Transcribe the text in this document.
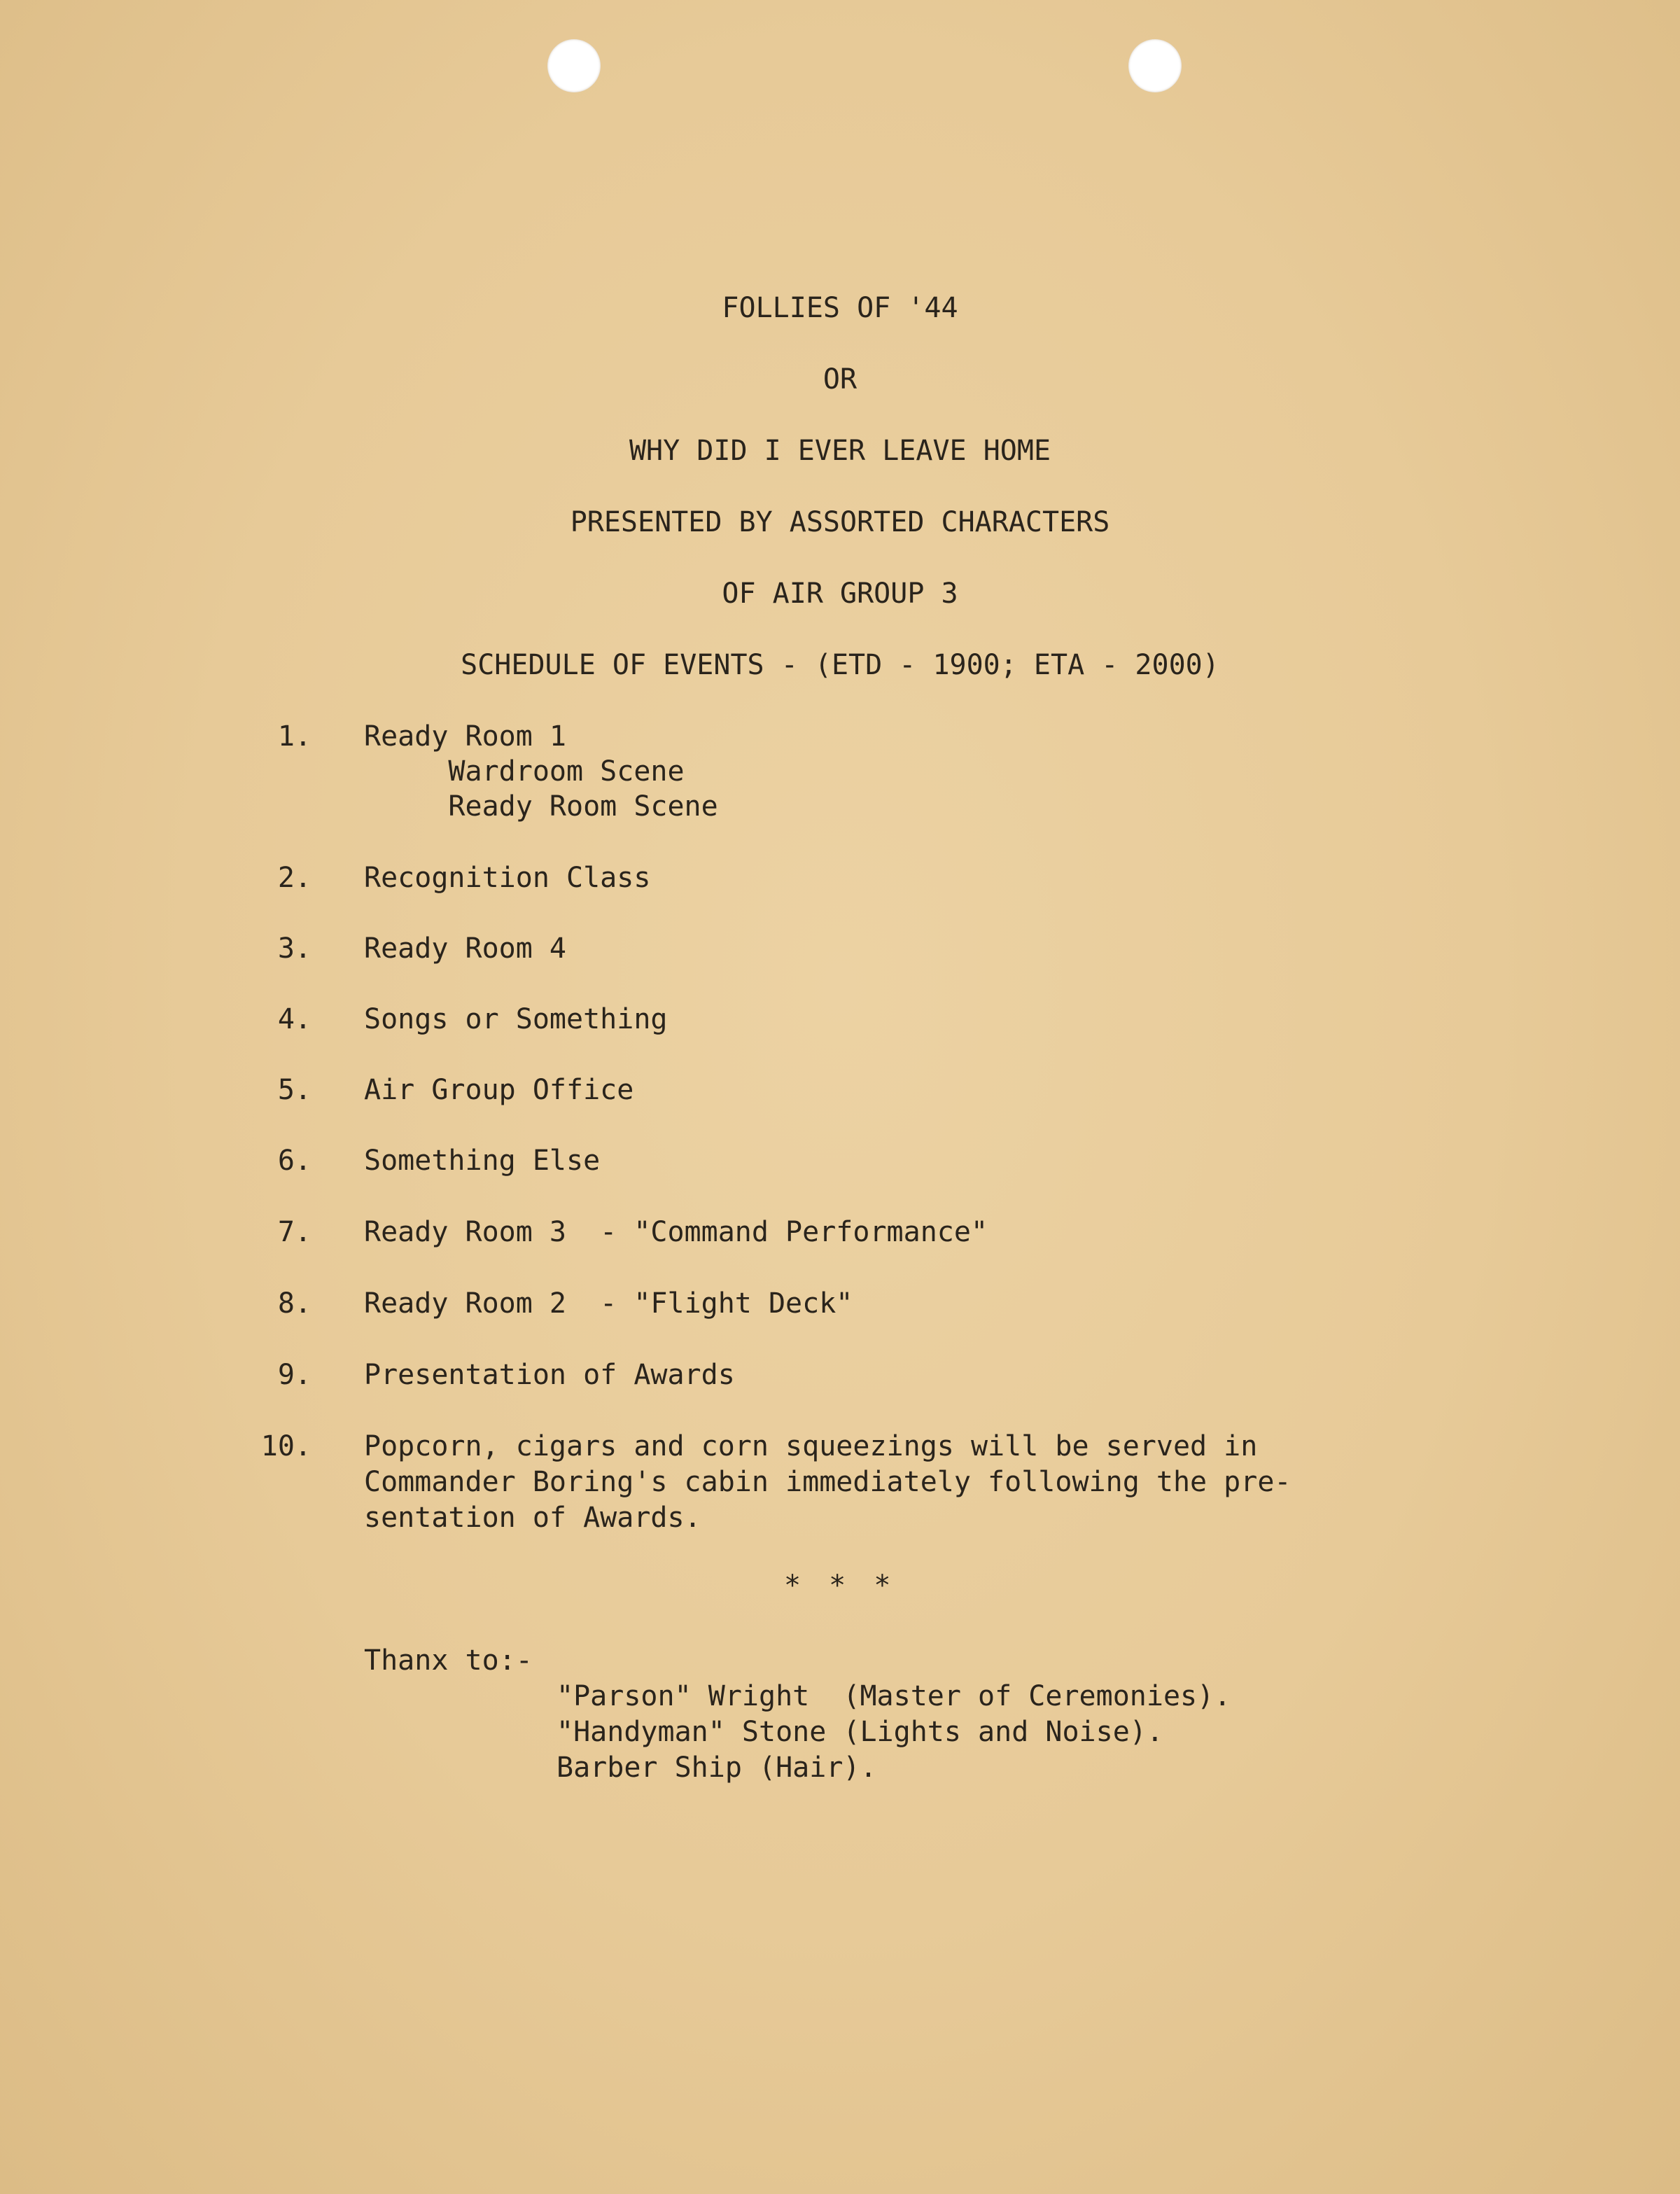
FOLLIES OF '44
OR
WHY DID I EVER LEAVE HOME
PRESENTED BY ASSORTED CHARACTERS
OF AIR GROUP 3
SCHEDULE OF EVENTS - (ETD - 1900; ETA - 2000)
1. Ready Room 1
Wardroom Scene
Ready Room Scene
2. Recognition Class
3. Ready Room 4
4. Songs or Something
5. Air Group Office
6. Something Else
7. Ready Room 3  - "Command Performance"
8. Ready Room 2  - "Flight Deck"
9. Presentation of Awards
10. Popcorn, cigars and corn squeezings will be served in
Commander Boring's cabin immediately following the pre-
sentation of Awards.
* * *
Thanx to:-
"Parson" Wright  (Master of Ceremonies).
"Handyman" Stone (Lights and Noise).
Barber Ship (Hair).
